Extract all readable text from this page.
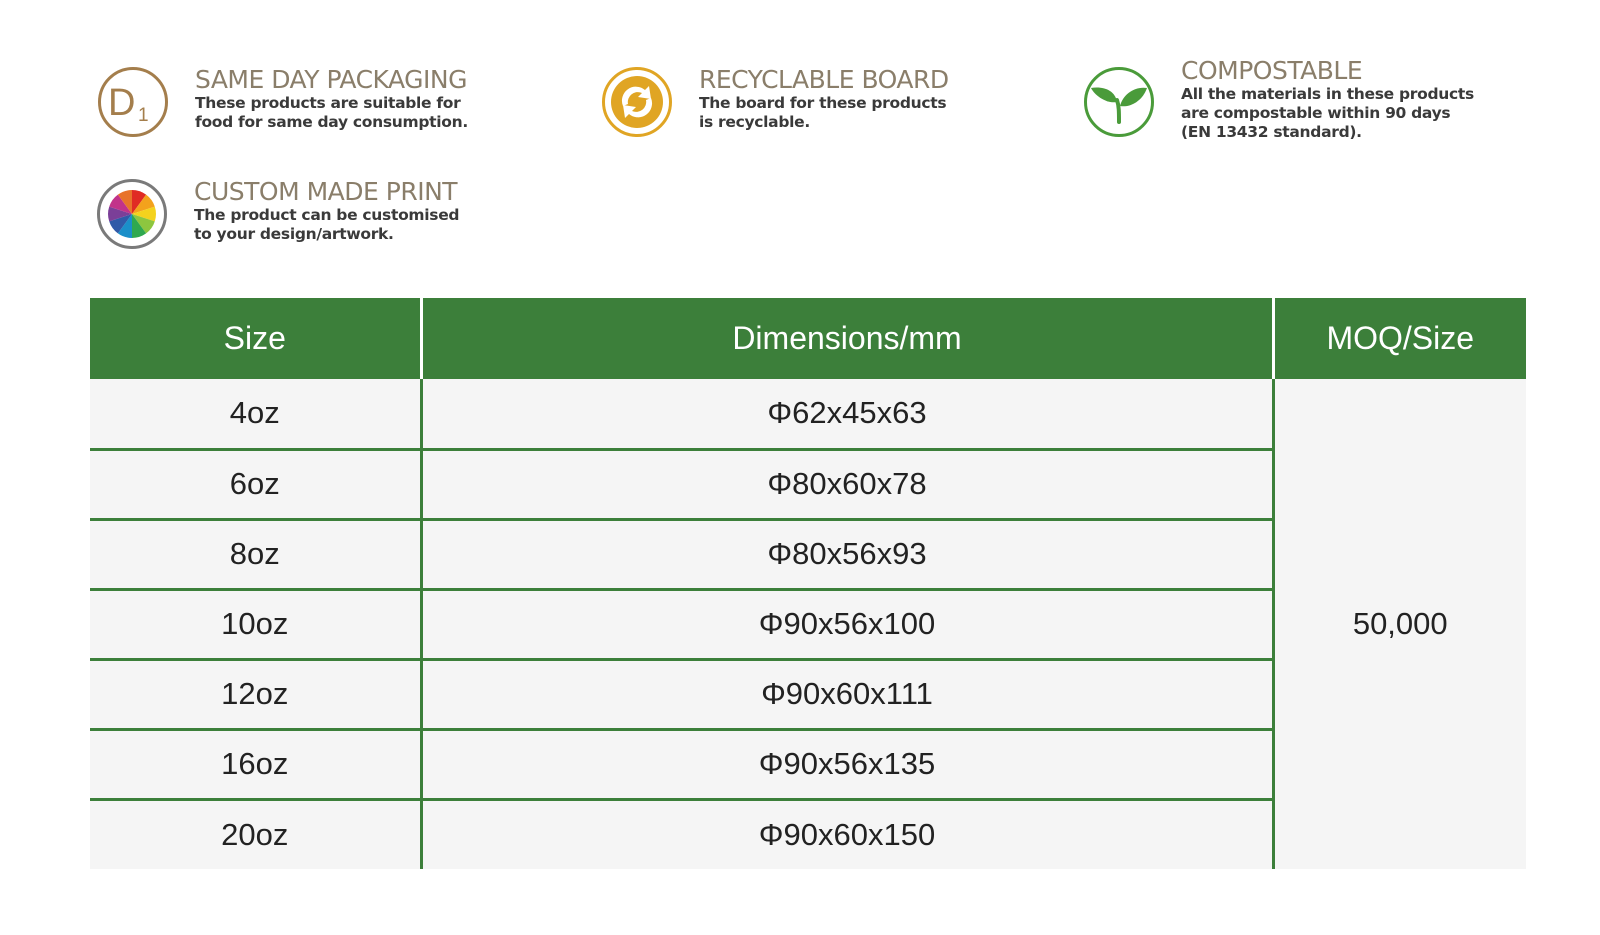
D 1
SAME DAY PACKAGING
These products are suitable for
food for same day consumption.
RECYCLABLE BOARD
The board for these products
is recyclable.
COMPOSTABLE
All the materials in these products
are compostable within 90 days
(EN 13432 standard).
CUSTOM MADE PRINT
The product can be customised
to your design/artwork.
Size	Dimensions/mm	MOQ/Size
4oz	Φ62x45x63	50,000
6oz	Φ80x60x78	
8oz	Φ80x56x93	
10oz	Φ90x56x100	
12oz	Φ90x60x111	
16oz	Φ90x56x135	
20oz	Φ90x60x150	
